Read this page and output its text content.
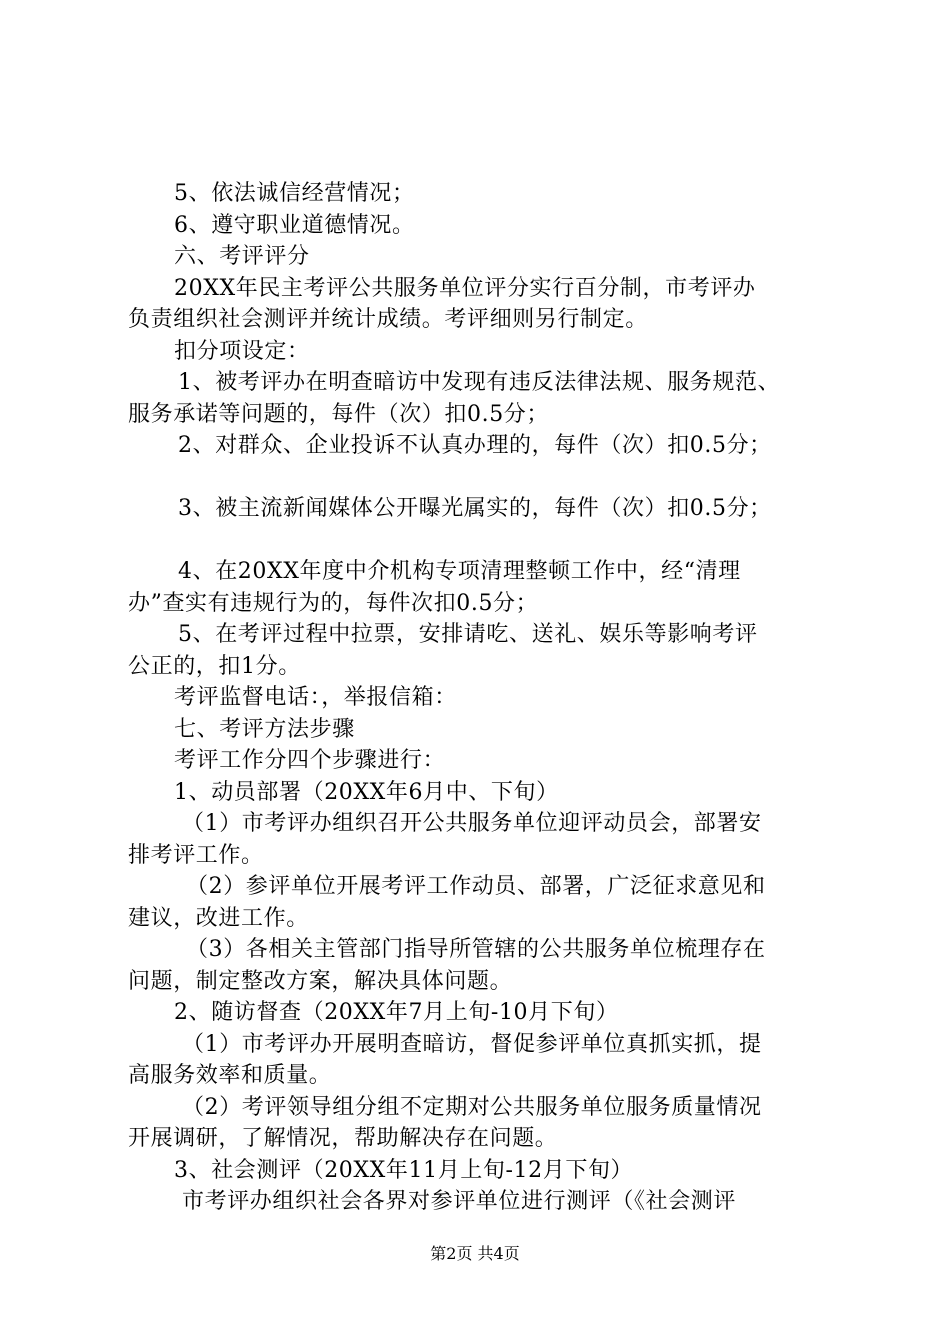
5、依法诚信经营情况；
6、遵守职业道德情况。
六、考评评分
20XX年民主考评公共服务单位评分实行百分制，市考评办
负责组织社会测评并统计成绩。考评细则另行制定。
扣分项设定：
1、被考评办在明查暗访中发现有违反法律法规、服务规范、
服务承诺等问题的，每件（次）扣0.5分；
2、对群众、企业投诉不认真办理的，每件（次）扣0.5分；
3、被主流新闻媒体公开曝光属实的，每件（次）扣0.5分；
4、在20XX年度中介机构专项清理整顿工作中，经“清理
办”查实有违规行为的，每件次扣0.5分；
5、在考评过程中拉票，安排请吃、送礼、娱乐等影响考评
公正的，扣1分。
考评监督电话：，举报信箱：
七、考评方法步骤
考评工作分四个步骤进行：
1、动员部署（20XX年6月中、下旬）
（1）市考评办组织召开公共服务单位迎评动员会，部署安
排考评工作。
（2）参评单位开展考评工作动员、部署，广泛征求意见和
建议，改进工作。
（3）各相关主管部门指导所管辖的公共服务单位梳理存在
问题，制定整改方案，解决具体问题。
2、随访督查（20XX年7月上旬-10月下旬）
（1）市考评办开展明查暗访，督促参评单位真抓实抓，提
高服务效率和质量。
（2）考评领导组分组不定期对公共服务单位服务质量情况
开展调研，了解情况，帮助解决存在问题。
3、社会测评（20XX年11月上旬-12月下旬）
市考评办组织社会各界对参评单位进行测评（《社会测评
第2页 共4页
